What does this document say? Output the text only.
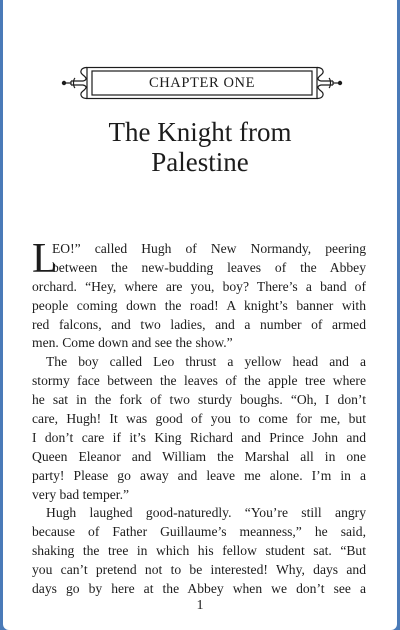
CHAPTER ONE
The Knight from
Palestine
L
EO!” called Hugh of New Normandy, peering
between the new-budding leaves of the Abbey
orchard. “Hey, where are you, boy? There’s a band of
people coming down the road! A knight’s banner with
red falcons, and two ladies, and a number of armed
men. Come down and see the show.”
The boy called Leo thrust a yellow head and a
stormy face between the leaves of the apple tree where
he sat in the fork of two sturdy boughs. “Oh, I don’t
care, Hugh! It was good of you to come for me, but
I don’t care if it’s King Richard and Prince John and
Queen Eleanor and William the Marshal all in one
party! Please go away and leave me alone. I’m in a
very bad temper.”
Hugh laughed good-naturedly. “You’re still angry
because of Father Guillaume’s meanness,” he said,
shaking the tree in which his fellow student sat. “But
you can’t pretend not to be interested! Why, days and
days go by here at the Abbey when we don’t see a
1
